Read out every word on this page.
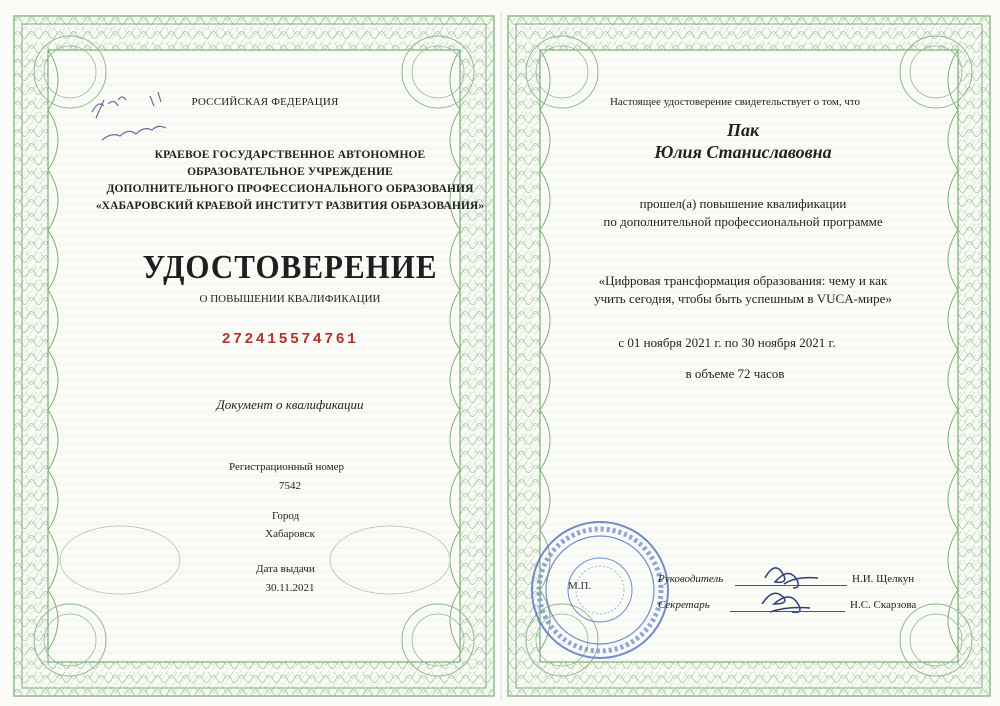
РОССИЙСКАЯ ФЕДЕРАЦИЯ
КРАЕВОЕ ГОСУДАРСТВЕННОЕ АВТОНОМНОЕ
ОБРАЗОВАТЕЛЬНОЕ УЧРЕЖДЕНИЕ
ДОПОЛНИТЕЛЬНОГО ПРОФЕССИОНАЛЬНОГО ОБРАЗОВАНИЯ
«ХАБАРОВСКИЙ КРАЕВОЙ ИНСТИТУТ РАЗВИТИЯ ОБРАЗОВАНИЯ»
УДОСТОВЕРЕНИЕ
О ПОВЫШЕНИИ КВАЛИФИКАЦИИ
272415574761
Документ о квалификации
Регистрационный номер
7542
Город
Хабаровск
Дата выдачи
30.11.2021
Настоящее удостоверение свидетельствует о том, что
Пак
Юлия Станиславовна
прошел(а) повышение квалификации
по дополнительной профессиональной программе
«Цифровая трансформация образования: чему и как
учить сегодня, чтобы быть успешным в VUCA-мире»
с 01 ноября 2021 г. по 30 ноября 2021 г.
в объеме 72 часов
М.П.
Руководитель	Н.И. Щелкун
Секретарь	Н.С. Скарзова
